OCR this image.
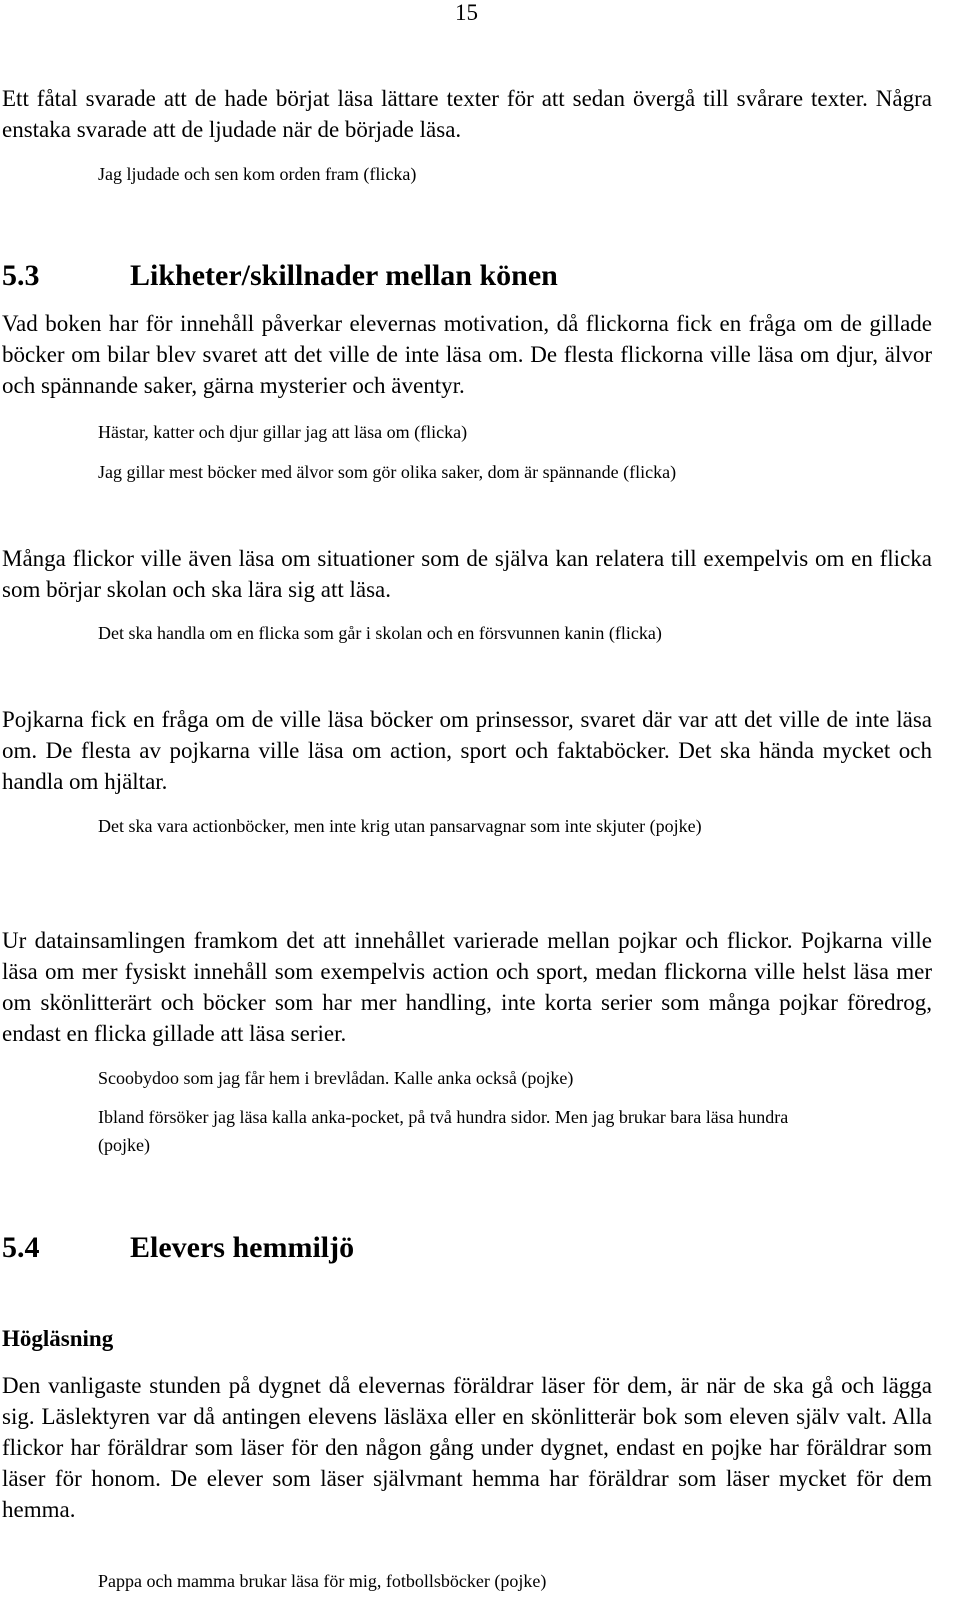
15

Ett fåtal svarade att de hade börjat läsa lättare texter för att sedan övergå till svårare texter. Några enstaka svarade att de ljudade när de började läsa.

Jag ljudade och sen kom orden fram (flicka)

5.3	Likheter/skillnader mellan könen

Vad boken har för innehåll påverkar elevernas motivation, då flickorna fick en fråga om de gillade böcker om bilar blev svaret att det ville de inte läsa om. De flesta flickorna ville läsa om djur, älvor och spännande saker, gärna mysterier och äventyr.

Hästar, katter och djur gillar jag att läsa om (flicka)

Jag gillar mest böcker med älvor som gör olika saker, dom är spännande (flicka)

Många flickor ville även läsa om situationer som de själva kan relatera till exempelvis om en flicka som börjar skolan och ska lära sig att läsa.

Det ska handla om en flicka som går i skolan och en försvunnen kanin (flicka)

Pojkarna fick en fråga om de ville läsa böcker om prinsessor, svaret där var att det ville de inte läsa om. De flesta av pojkarna ville läsa om action, sport och faktaböcker. Det ska hända mycket och handla om hjältar.

Det ska vara actionböcker, men inte krig utan pansarvagnar som inte skjuter (pojke)

Ur datainsamlingen framkom det att innehållet varierade mellan pojkar och flickor. Pojkarna ville läsa om mer fysiskt innehåll som exempelvis action och sport, medan flickorna ville helst läsa mer om skönlitterärt och böcker som har mer handling, inte korta serier som många pojkar föredrog, endast en flicka gillade att läsa serier.

Scoobydoo som jag får hem i brevlådan. Kalle anka också (pojke)

Ibland försöker jag läsa kalla anka-pocket, på två hundra sidor. Men jag brukar bara läsa hundra (pojke)

5.4	Elevers hemmiljö
Högläsning

Den vanligaste stunden på dygnet då elevernas föräldrar läser för dem, är när de ska gå och lägga sig. Läslektyren var då antingen elevens läsläxa eller en skönlitterär bok som eleven själv valt. Alla flickor har föräldrar som läser för den någon gång under dygnet, endast en pojke har föräldrar som läser för honom. De elever som läser självmant hemma har föräldrar som läser mycket för dem hemma.

Pappa och mamma brukar läsa för mig, fotbollsböcker (pojke)
